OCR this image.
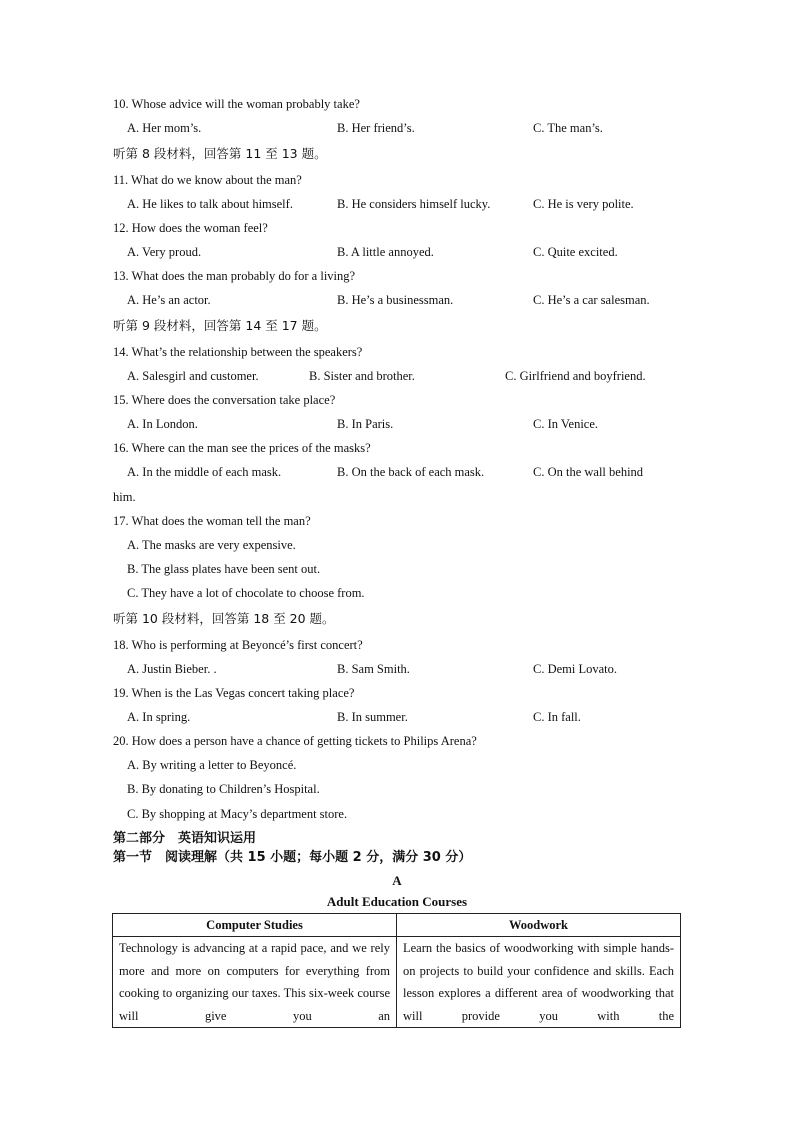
10. Whose advice will the woman probably take?
A. Her mom’s.	B. Her friend’s.	C. The man’s.
听第 8 段材料，回答第 11 至 13 题。
11. What do we know about the man?
A. He likes to talk about himself.	B. He considers himself lucky.	C. He is very polite.
12. How does the woman feel?
A. Very proud.	B. A little annoyed.	C. Quite excited.
13. What does the man probably do for a living?
A. He’s an actor.	B. He’s a businessman.	C. He’s a car salesman.
听第 9 段材料，回答第 14 至 17 题。
14. What’s the relationship between the speakers?
A. Salesgirl and customer.	B. Sister and brother.	C. Girlfriend and boyfriend.
15. Where does the conversation take place?
A. In London.	B. In Paris.	C. In Venice.
16. Where can the man see the prices of the masks?
A. In the middle of each mask.	B. On the back of each mask.	C. On the wall behind
him.
17. What does the woman tell the man?
A. The masks are very expensive.
B. The glass plates have been sent out.
C. They have a lot of chocolate to choose from.
听第 10 段材料，回答第 18 至 20 题。
18. Who is performing at Beyoncé’s first concert?
A. Justin Bieber. .	B. Sam Smith.	C. Demi Lovato.
19. When is the Las Vegas concert taking place?
A. In spring.	B. In summer.	C. In fall.
20. How does a person have a chance of getting tickets to Philips Arena?
A. By writing a letter to Beyoncé.
B. By donating to Children’s Hospital.
C. By shopping at Macy’s department store.
第二部分　英语知识运用
第一节　阅读理解（共 15 小题；每小题 2 分，满分 30 分）
A
Adult Education Courses
Computer Studies	Woodwork
Technology is advancing at a rapid pace, and we rely more and more on computers for everything from cooking to organizing our taxes. This six-week course will give you an	Learn the basics of woodworking with simple hands-on projects to build your confidence and skills. Each lesson explores a different area of woodworking that will provide you with the
